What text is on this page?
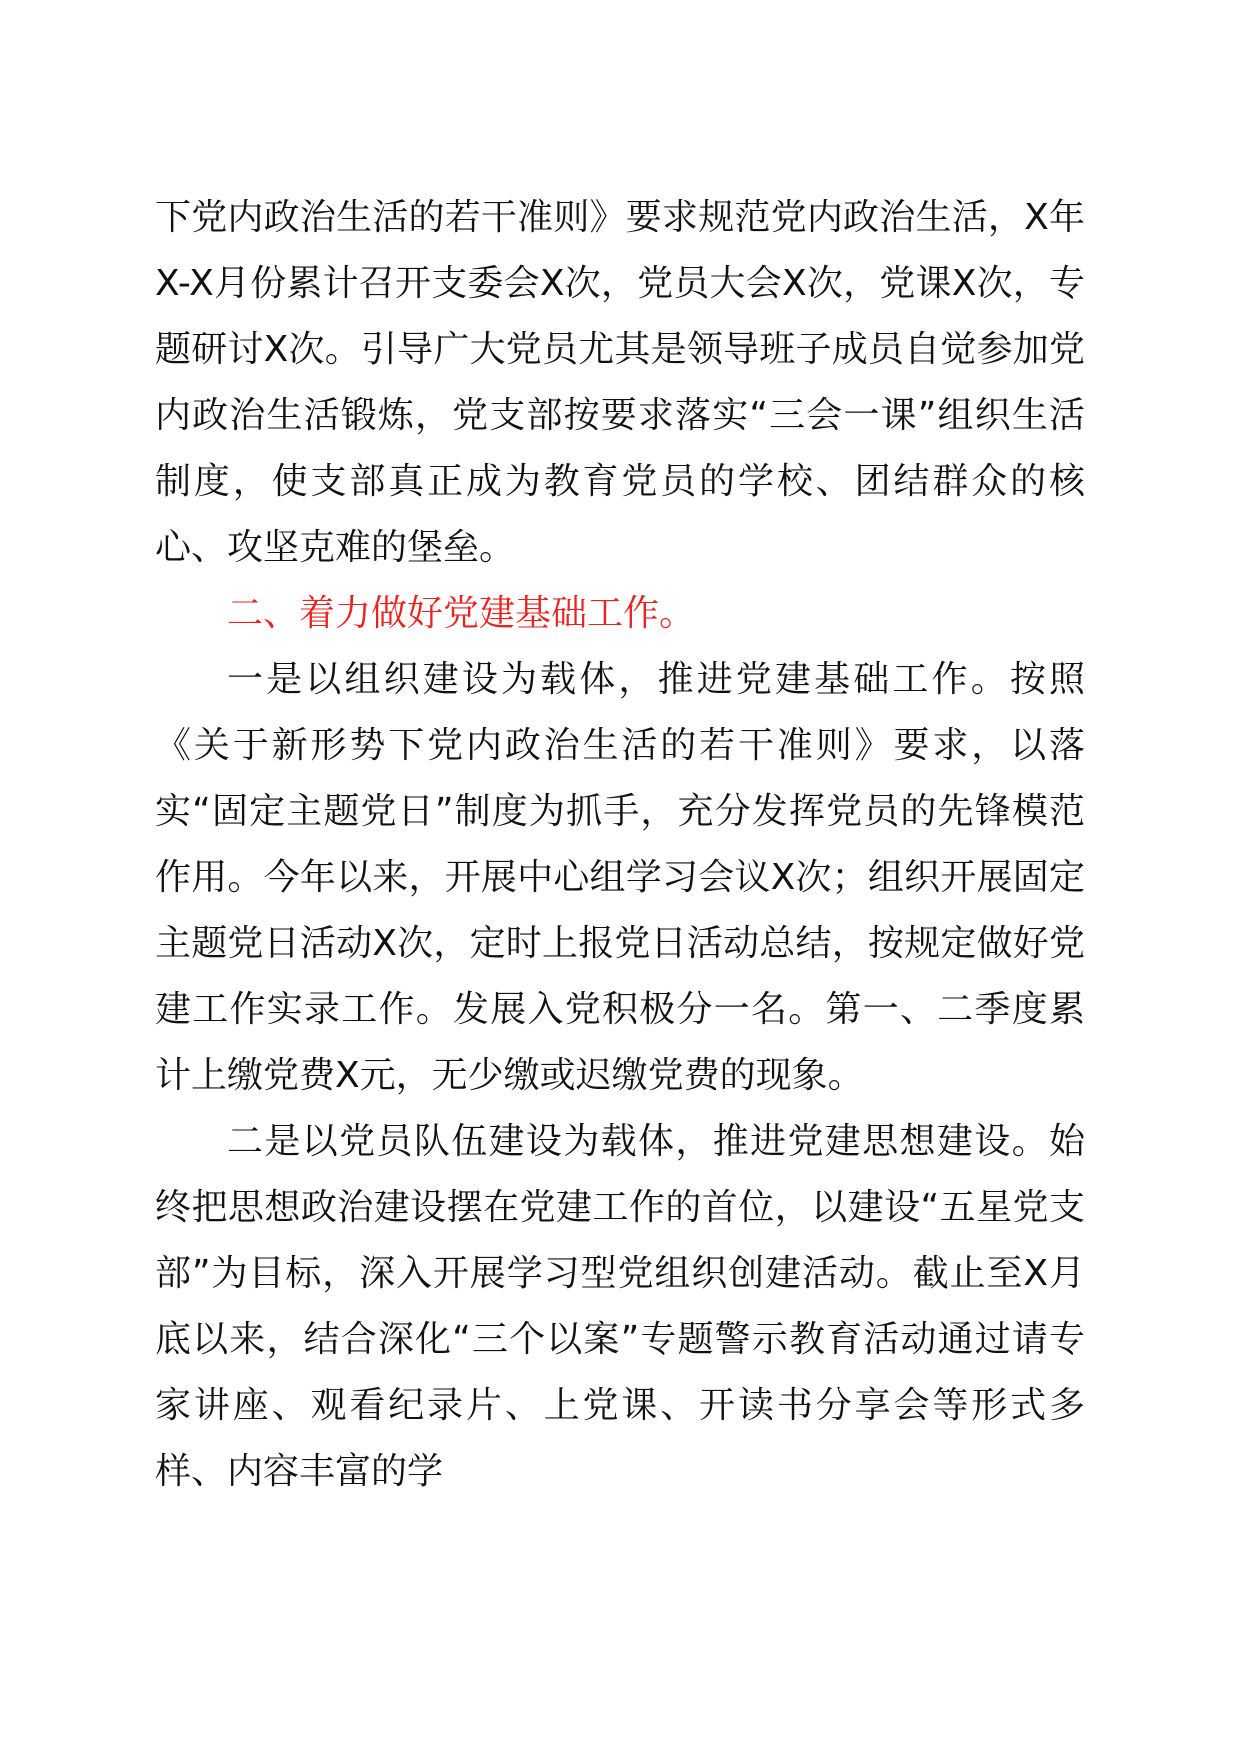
下党内政治生活的若干准则》要求规范党内政治生活，X年X-X月份累计召开支委会X次，党员大会X次，党课X次，专题研讨X次。引导广大党员尤其是领导班子成员自觉参加党内政治生活锻炼，党支部按要求落实“三会一课”组织生活制度，使支部真正成为教育党员的学校、团结群众的核心、攻坚克难的堡垒。

二、着力做好党建基础工作。

一是以组织建设为载体，推进党建基础工作。按照《关于新形势下党内政治生活的若干准则》要求，以落实“固定主题党日”制度为抓手，充分发挥党员的先锋模范作用。今年以来，开展中心组学习会议X次；组织开展固定主题党日活动X次，定时上报党日活动总结，按规定做好党建工作实录工作。发展入党积极分一名。第一、二季度累计上缴党费X元，无少缴或迟缴党费的现象。

二是以党员队伍建设为载体，推进党建思想建设。始终把思想政治建设摆在党建工作的首位，以建设“五星党支部”为目标，深入开展学习型党组织创建活动。截止至X月底以来，结合深化“三个以案”专题警示教育活动通过请专家讲座、观看纪录片、上党课、开读书分享会等形式多样、内容丰富的学
